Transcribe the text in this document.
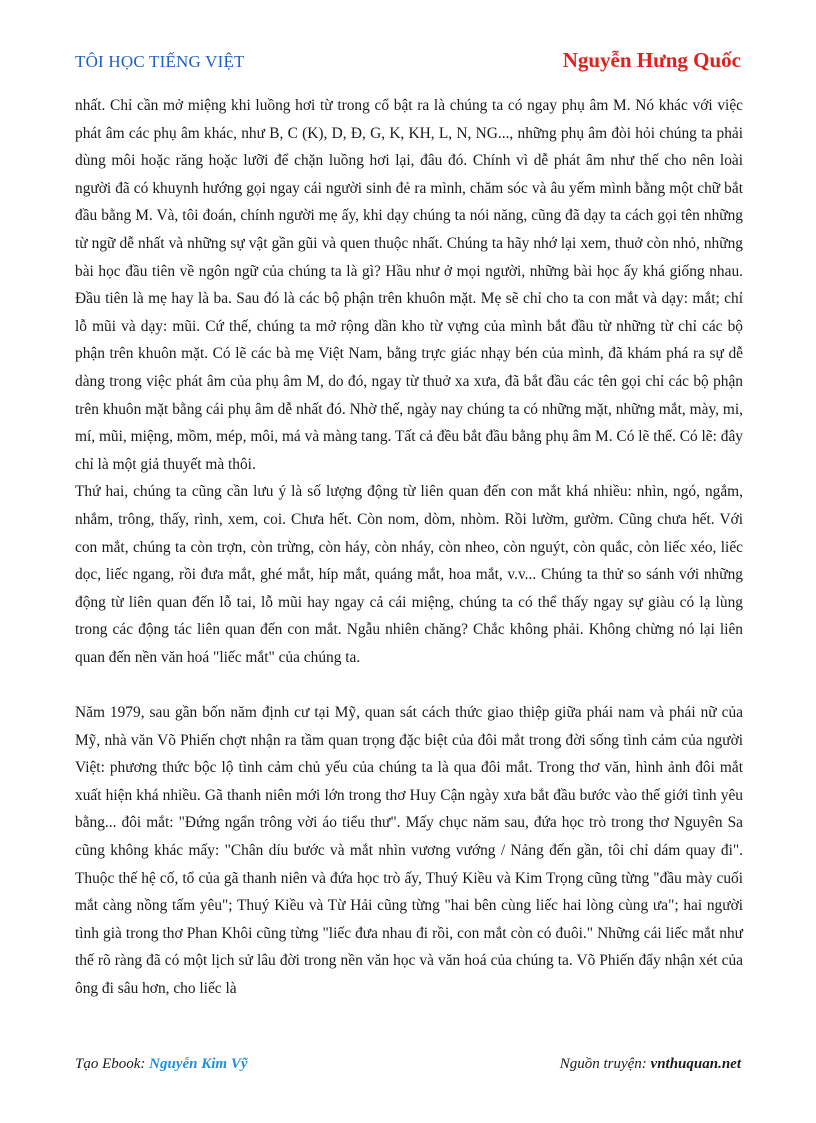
TÔI HỌC TIẾNG VIỆT	Nguyễn Hưng Quốc

nhất. Chỉ cần mở miệng khi luồng hơi từ trong cổ bật ra là chúng ta có ngay phụ âm M. Nó khác với việc phát âm các phụ âm khác, như B, C (K), D, Đ, G, K, KH, L, N, NG..., những phụ âm đòi hỏi chúng ta phải dùng môi hoặc răng hoặc lưỡi để chặn luồng hơi lại, đâu đó. Chính vì dễ phát âm như thế cho nên loài người đã có khuynh hướng gọi ngay cái người sinh đẻ ra mình, chăm sóc và âu yếm mình bằng một chữ bắt đầu bằng M. Và, tôi đoán, chính người mẹ ấy, khi dạy chúng ta nói năng, cũng đã dạy ta cách gọi tên những từ ngữ dễ nhất và những sự vật gần gũi và quen thuộc nhất. Chúng ta hãy nhớ lại xem, thuở còn nhỏ, những bài học đầu tiên về ngôn ngữ của chúng ta là gì? Hầu như ở mọi người, những bài học ấy khá giống nhau. Đầu tiên là mẹ hay là ba. Sau đó là các bộ phận trên khuôn mặt. Mẹ sẽ chỉ cho ta con mắt và dạy: mắt; chỉ lỗ mũi và dạy: mũi. Cứ thế, chúng ta mở rộng dần kho từ vựng của mình bắt đầu từ những từ chỉ các bộ phận trên khuôn mặt. Có lẽ các bà mẹ Việt Nam, bằng trực giác nhạy bén của mình, đã khám phá ra sự dễ dàng trong việc phát âm của phụ âm M, do đó, ngay từ thuở xa xưa, đã bắt đầu các tên gọi chỉ các bộ phận trên khuôn mặt bằng cái phụ âm dễ nhất đó. Nhờ thế, ngày nay chúng ta có những mặt, những mắt, mày, mi, mí, mũi, miệng, mồm, mép, môi, má và màng tang. Tất cả đều bắt đầu bằng phụ âm M. Có lẽ thế. Có lẽ: đây chỉ là một giả thuyết mà thôi.

Thứ hai, chúng ta cũng cần lưu ý là số lượng động từ liên quan đến con mắt khá nhiều: nhìn, ngó, ngắm, nhắm, trông, thấy, rình, xem, coi. Chưa hết. Còn nom, dòm, nhòm. Rồi lườm, gườm. Cũng chưa hết. Với con mắt, chúng ta còn trợn, còn trừng, còn háy, còn nháy, còn nheo, còn nguýt, còn quắc, còn liếc xéo, liếc dọc, liếc ngang, rồi đưa mắt, ghé mắt, híp mắt, quáng mắt, hoa mắt, v.v... Chúng ta thử so sánh với những động từ liên quan đến lỗ tai, lỗ mũi hay ngay cả cái miệng, chúng ta có thể thấy ngay sự giàu có lạ lùng trong các động tác liên quan đến con mắt. Ngẫu nhiên chăng? Chắc không phải. Không chừng nó lại liên quan đến nền văn hoá "liếc mắt" của chúng ta.

Năm 1979, sau gần bốn năm định cư tại Mỹ, quan sát cách thức giao thiệp giữa phái nam và phái nữ của Mỹ, nhà văn Võ Phiến chợt nhận ra tầm quan trọng đặc biệt của đôi mắt trong đời sống tình cảm của người Việt: phương thức bộc lộ tình cảm chủ yếu của chúng ta là qua đôi mắt. Trong thơ văn, hình ảnh đôi mắt xuất hiện khá nhiều. Gã thanh niên mới lớn trong thơ Huy Cận ngày xưa bắt đầu bước vào thế giới tình yêu bằng... đôi mắt: "Đứng ngẩn trông vời áo tiểu thư". Mấy chục năm sau, đứa học trò trong thơ Nguyên Sa cũng không khác mấy: "Chân díu bước và mắt nhìn vương vướng / Nảng đến gần, tôi chỉ dám quay đi". Thuộc thế hệ cố, tổ của gã thanh niên và đứa học trò ấy, Thuý Kiều và Kim Trọng cũng từng "đầu mày cuối mắt càng nồng tấm yêu"; Thuý Kiều và Từ Hải cũng từng "hai bên cùng liếc hai lòng cùng ưa"; hai người tình già trong thơ Phan Khôi cũng từng "liếc đưa nhau đi rồi, con mắt còn có đuôi." Những cái liếc mắt như thế rõ ràng đã có một lịch sử lâu đời trong nền văn học và văn hoá của chúng ta. Võ Phiến đẩy nhận xét của ông đi sâu hơn, cho liếc là

Tạo Ebook: Nguyễn Kim Vỹ	Nguồn truyện: vnthuquan.net
